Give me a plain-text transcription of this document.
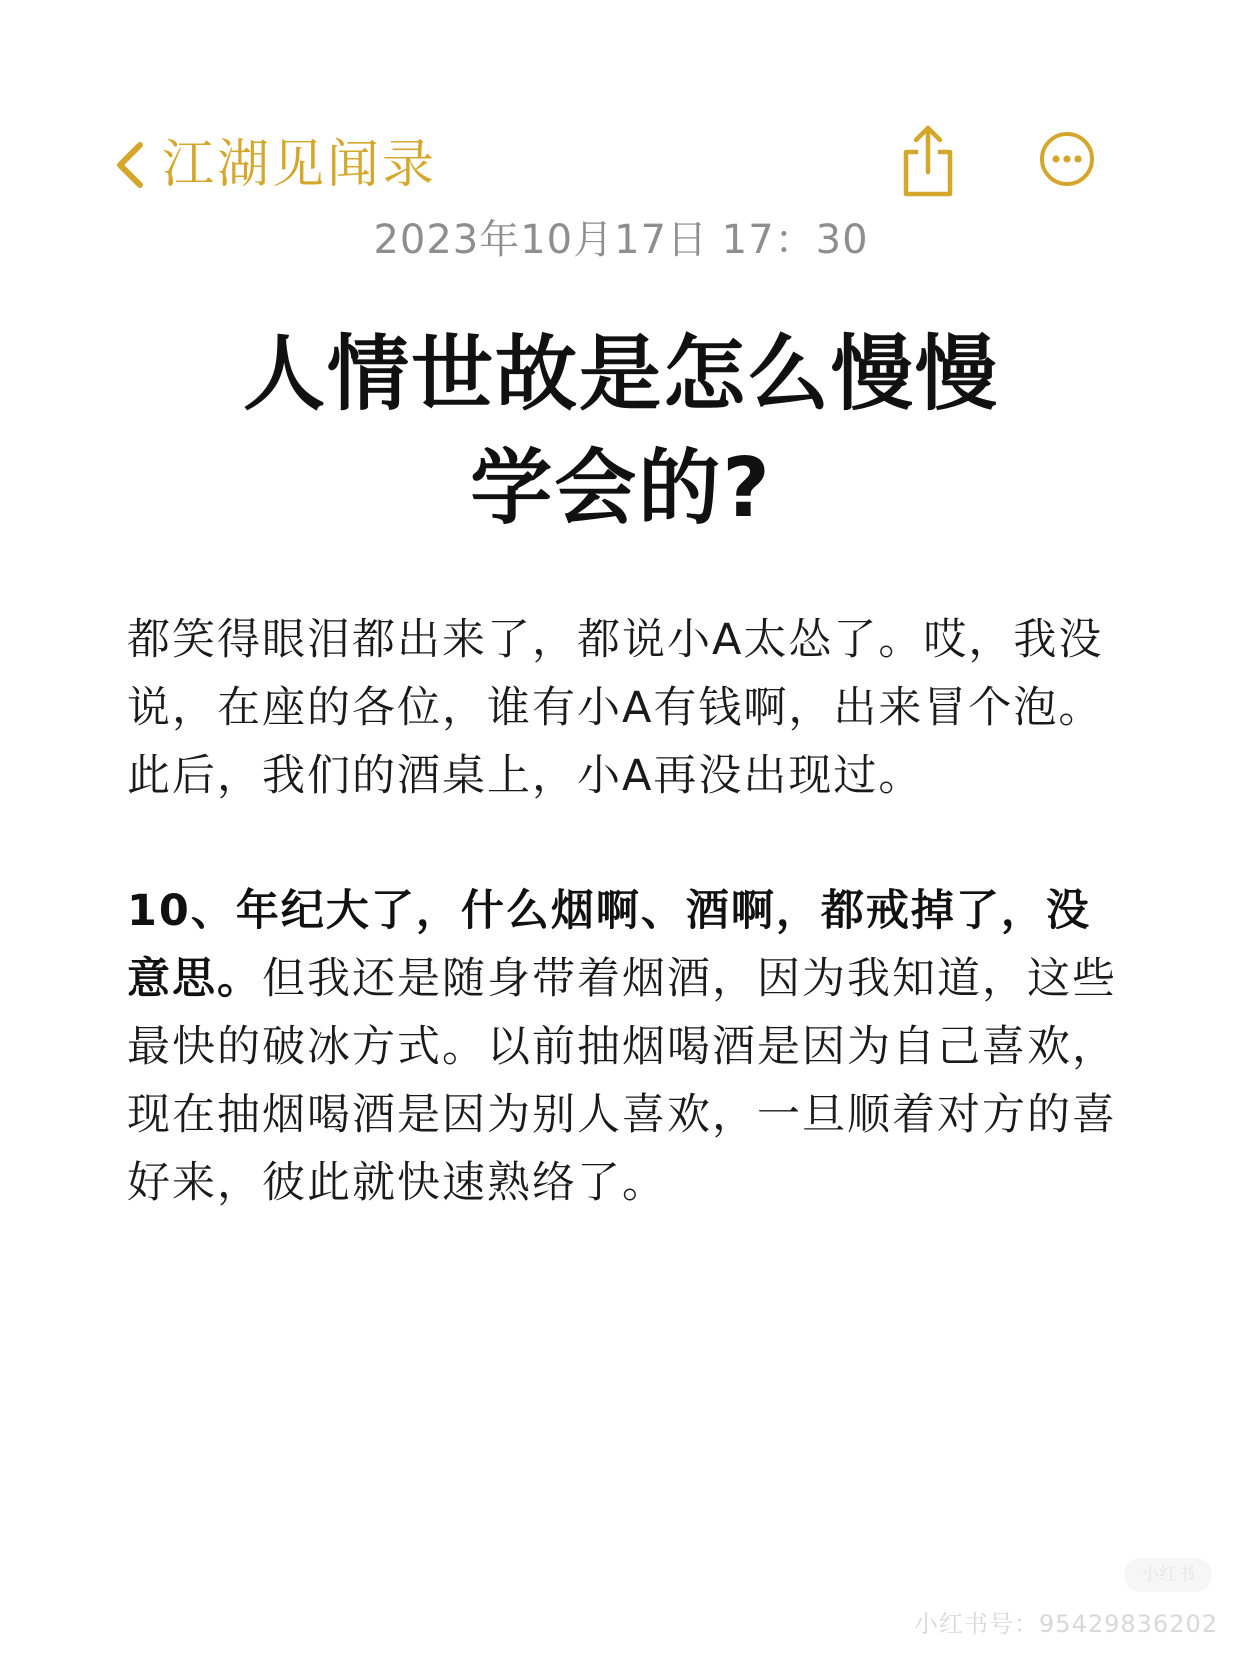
江湖见闻录
2023年10月17日 17：30
人情世故是怎么慢慢
学会的?
都笑得眼泪都出来了，都说小A太怂了。哎，我没说，在座的各位，谁有小A有钱啊，出来冒个泡。此后，我们的酒桌上，小A再没出现过。
10、年纪大了，什么烟啊、酒啊，都戒掉了，没意思。但我还是随身带着烟酒，因为我知道，这些最快的破冰方式。以前抽烟喝酒是因为自己喜欢，现在抽烟喝酒是因为别人喜欢，一旦顺着对方的喜好来，彼此就快速熟络了。
小红书
小红书号：95429836202
